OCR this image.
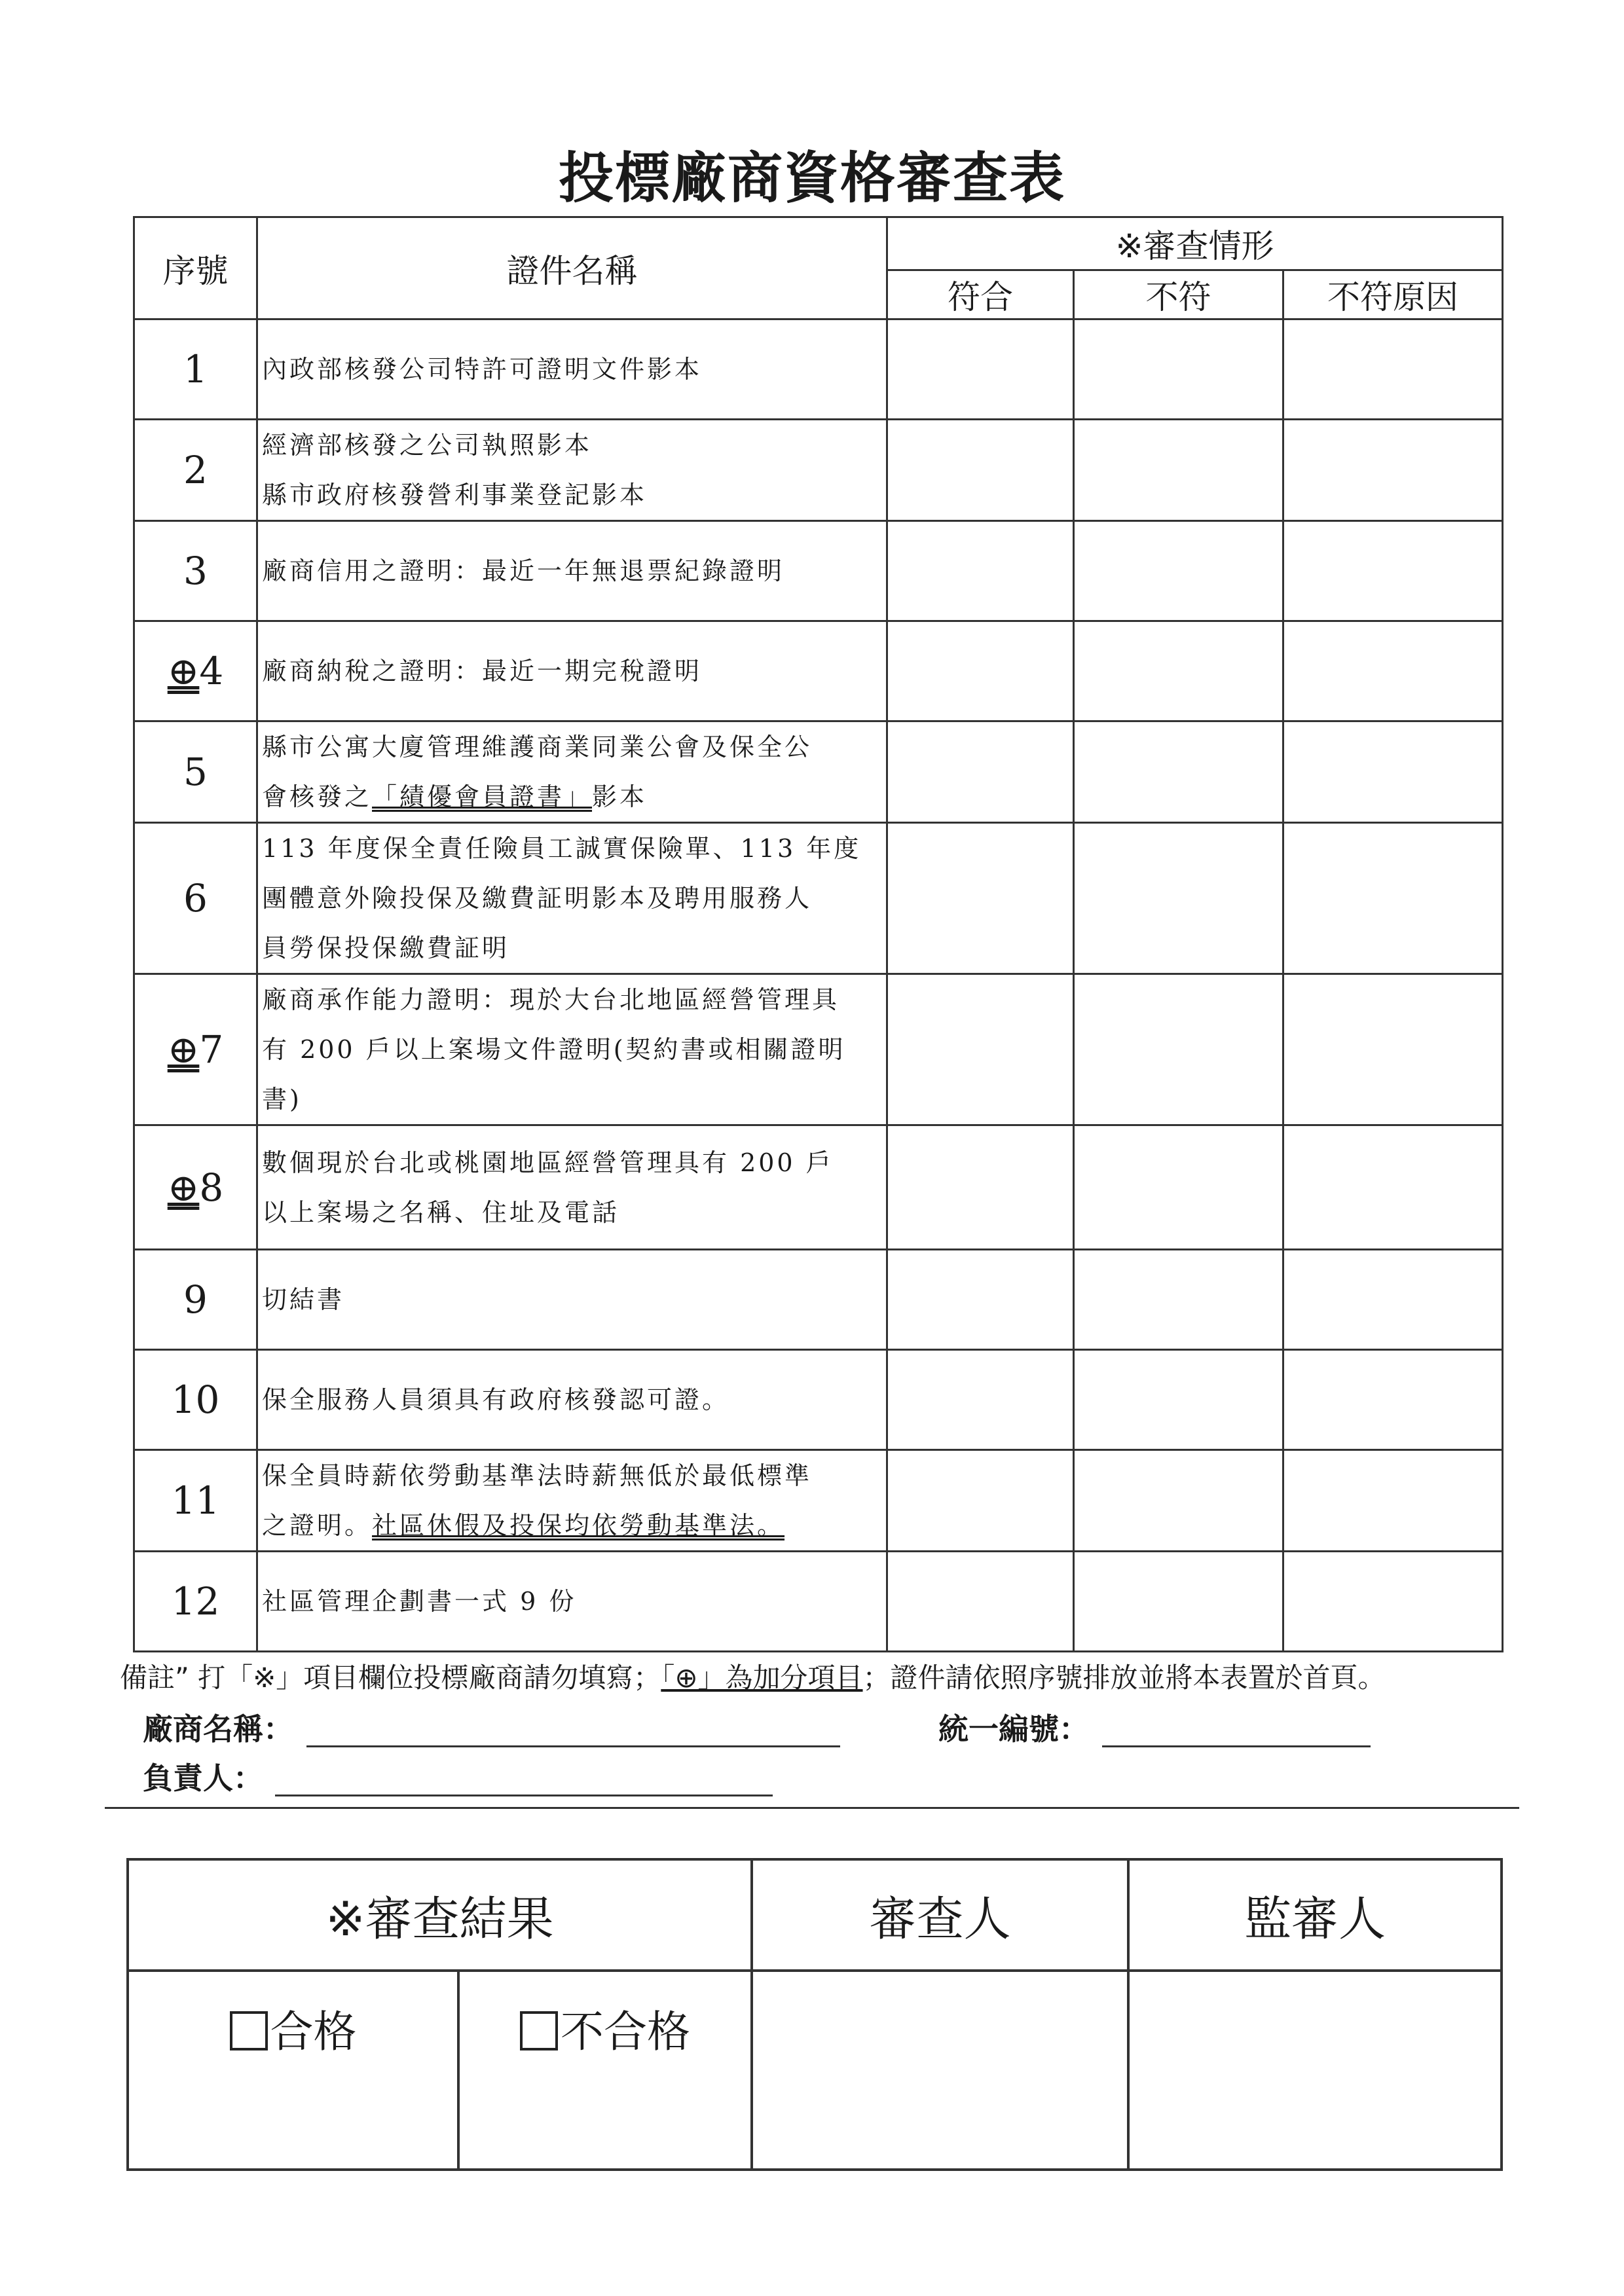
投標廠商資格審查表
序號	證件名稱	※審查情形		
		符合	不符	不符原因
1	內政部核發公司特許可證明文件影本			

2	經濟部核發之公司執照影本
縣市政府核發營利事業登記影本			

3	廠商信用之證明：最近一年無退票紀錄證明			

⊕4	廠商納稅之證明：最近一期完稅證明			

5	縣市公寓大廈管理維護商業同業公會及保全公
會核發之「績優會員證書」影本			

6	113 年度保全責任險員工誠實保險單、113 年度
團體意外險投保及繳費証明影本及聘用服務人
員勞保投保繳費証明			

⊕7	廠商承作能力證明：現於大台北地區經營管理具
有 200 戶以上案場文件證明(契約書或相關證明
書)			

⊕8	數個現於台北或桃園地區經營管理具有 200 戶
以上案場之名稱、住址及電話			

9	切結書			

10	保全服務人員須具有政府核發認可證。			

11	保全員時薪依勞動基準法時薪無低於最低標準
之證明。社區休假及投保均依勞動基準法。			

12	社區管理企劃書一式 9 份			

備註” 打「※」項目欄位投標廠商請勿填寫；「⊕」為加分項目；證件請依照序號排放並將本表置於首頁。
廠商名稱：	統一編號：
負責人：
※審查結果		審查人	監審人
合格	不合格		
